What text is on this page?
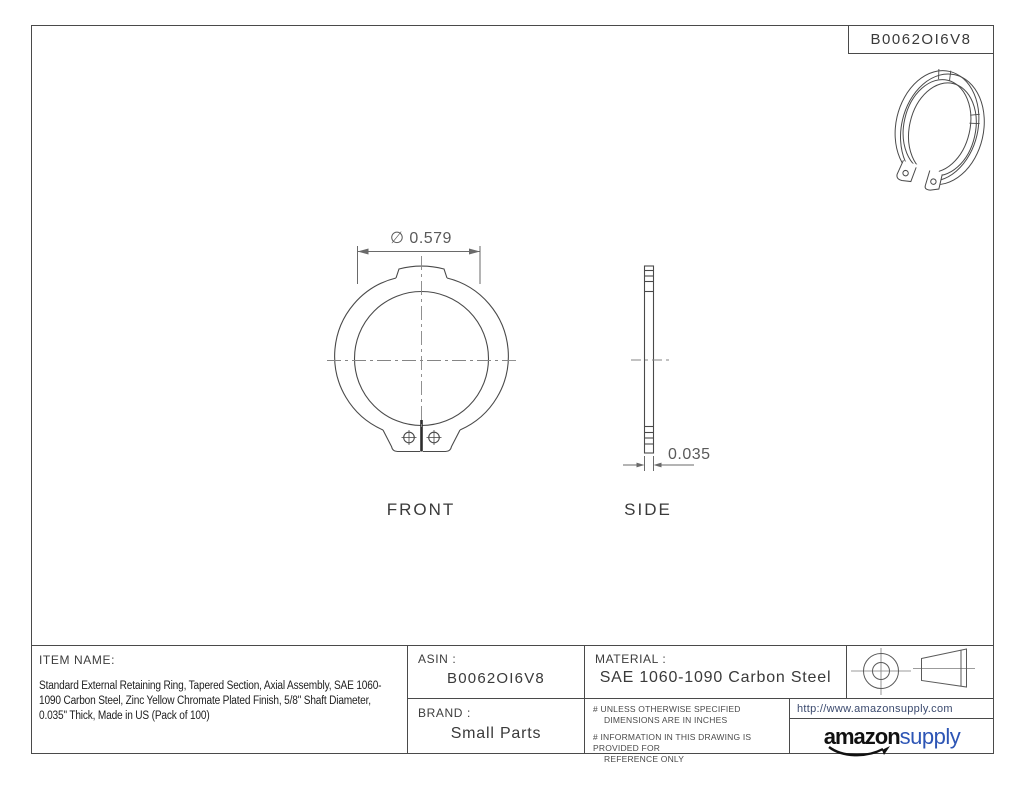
B0062OI6V8
∅ 0.579
0.035
FRONT	SIDE
ITEM NAME:
Standard External Retaining Ring, Tapered Section, Axial Assembly, SAE 1060-1090 Carbon Steel, Zinc Yellow Chromate Plated Finish, 5/8" Shaft Diameter, 0.035" Thick, Made in US (Pack of 100)
ASIN :
B0062OI6V8
MATERIAL :
SAE 1060-1090 Carbon Steel
BRAND :
Small Parts
# UNLESS OTHERWISE SPECIFIED
DIMENSIONS ARE IN INCHES
# INFORMATION IN THIS DRAWING IS PROVIDED FOR
REFERENCE ONLY
http://www.amazonsupply.com
amazonsupply
